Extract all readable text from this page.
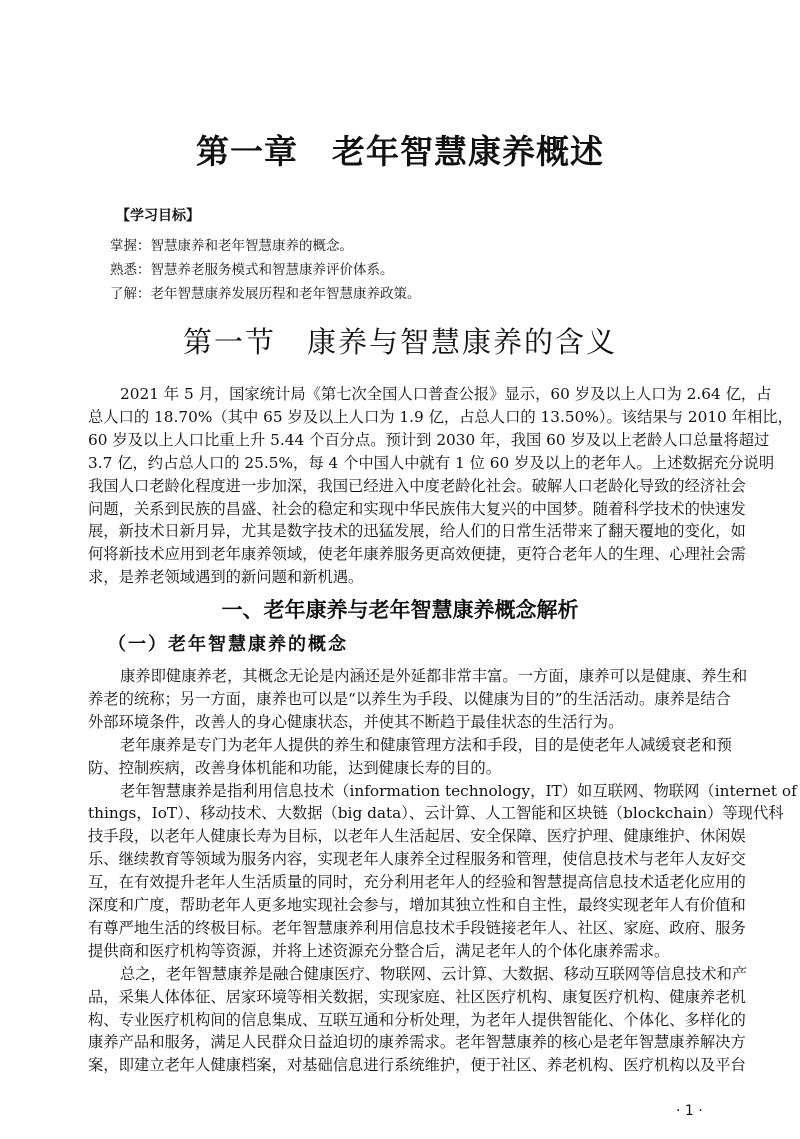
第一章　老年智慧康养概述
【学习目标】
掌握：智慧康养和老年智慧康养的概念。
熟悉：智慧养老服务模式和智慧康养评价体系。
了解：老年智慧康养发展历程和老年智慧康养政策。
第一节　康养与智慧康养的含义
2021 年 5 月，国家统计局《第七次全国人口普查公报》显示，60 岁及以上人口为 2.64 亿，占
总人口的 18.70%（其中 65 岁及以上人口为 1.9 亿，占总人口的 13.50%）。该结果与 2010 年相比，
60 岁及以上人口比重上升 5.44 个百分点。预计到 2030 年，我国 60 岁及以上老龄人口总量将超过
3.7 亿，约占总人口的 25.5%，每 4 个中国人中就有 1 位 60 岁及以上的老年人。上述数据充分说明
我国人口老龄化程度进一步加深，我国已经进入中度老龄化社会。破解人口老龄化导致的经济社会
问题，关系到民族的昌盛、社会的稳定和实现中华民族伟大复兴的中国梦。随着科学技术的快速发
展，新技术日新月异，尤其是数字技术的迅猛发展，给人们的日常生活带来了翻天覆地的变化，如
何将新技术应用到老年康养领域，使老年康养服务更高效便捷，更符合老年人的生理、心理社会需
求，是养老领域遇到的新问题和新机遇。
一、老年康养与老年智慧康养概念解析
（一）老年智慧康养的概念
康养即健康养老，其概念无论是内涵还是外延都非常丰富。一方面，康养可以是健康、养生和
养老的统称；另一方面，康养也可以是“以养生为手段、以健康为目的”的生活活动。康养是结合
外部环境条件，改善人的身心健康状态，并使其不断趋于最佳状态的生活行为。
老年康养是专门为老年人提供的养生和健康管理方法和手段，目的是使老年人减缓衰老和预
防、控制疾病，改善身体机能和功能，达到健康长寿的目的。
老年智慧康养是指利用信息技术（information technology，IT）如互联网、物联网（internet of
things，IoT）、移动技术、大数据（big data）、云计算、人工智能和区块链（blockchain）等现代科
技手段，以老年人健康长寿为目标，以老年人生活起居、安全保障、医疗护理、健康维护、休闲娱
乐、继续教育等领域为服务内容，实现老年人康养全过程服务和管理，使信息技术与老年人友好交
互，在有效提升老年人生活质量的同时，充分利用老年人的经验和智慧提高信息技术适老化应用的
深度和广度，帮助老年人更多地实现社会参与，增加其独立性和自主性，最终实现老年人有价值和
有尊严地生活的终极目标。老年智慧康养利用信息技术手段链接老年人、社区、家庭、政府、服务
提供商和医疗机构等资源，并将上述资源充分整合后，满足老年人的个体化康养需求。
总之，老年智慧康养是融合健康医疗、物联网、云计算、大数据、移动互联网等信息技术和产
品，采集人体体征、居家环境等相关数据，实现家庭、社区医疗机构、康复医疗机构、健康养老机
构、专业医疗机构间的信息集成、互联互通和分析处理，为老年人提供智能化、个体化、多样化的
康养产品和服务，满足人民群众日益迫切的康养需求。老年智慧康养的核心是老年智慧康养解决方
案，即建立老年人健康档案，对基础信息进行系统维护，便于社区、养老机构、医疗机构以及平台
· 1 ·
